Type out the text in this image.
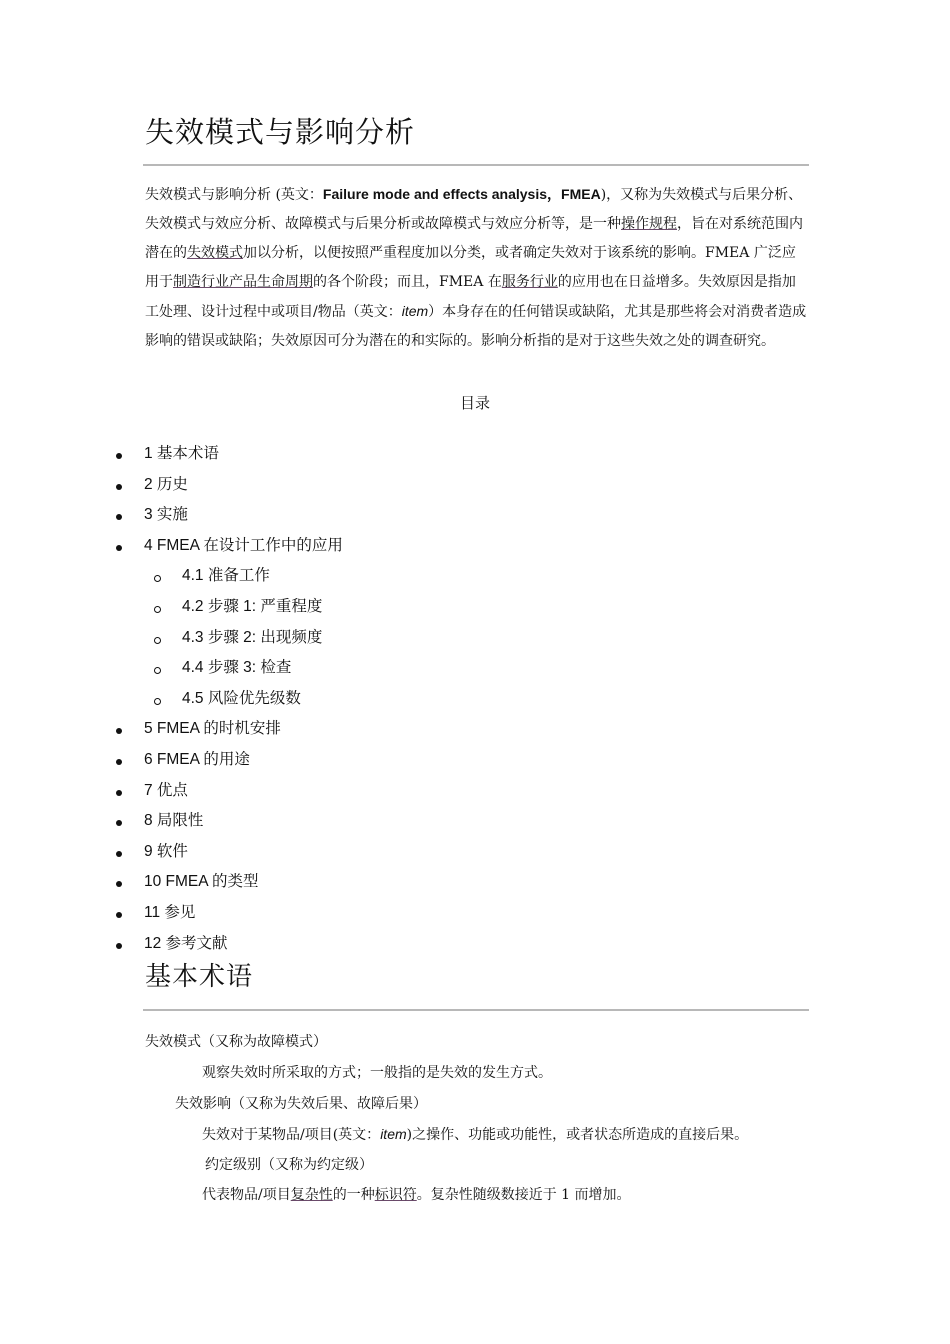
失效模式与影响分析
失效模式与影响分析 (英文：Failure mode and effects analysis，FMEA)，又称为失效模式与后果分析、失效模式与效应分析、故障模式与后果分析或故障模式与效应分析等，是一种操作规程，旨在对系统范围内潜在的失效模式加以分析，以便按照严重程度加以分类，或者确定失效对于该系统的影响。FMEA 广泛应用于制造行业产品生命周期的各个阶段；而且，FMEA 在服务行业的应用也在日益增多。失效原因是指加工处理、设计过程中或项目/物品（英文：item）本身存在的任何错误或缺陷，尤其是那些将会对消费者造成影响的错误或缺陷；失效原因可分为潜在的和实际的。影响分析指的是对于这些失效之处的调查研究。
目录
1 基本术语
2 历史
3 实施
4 FMEA 在设计工作中的应用
4.1 准备工作
4.2 步骤 1: 严重程度
4.3 步骤 2: 出现频度
4.4 步骤 3: 检查
4.5 风险优先级数
5 FMEA 的时机安排
6 FMEA 的用途
7 优点
8 局限性
9 软件
10 FMEA 的类型
11 参见
12 参考文献
基本术语
失效模式（又称为故障模式）
观察失效时所采取的方式；一般指的是失效的发生方式。
失效影响（又称为失效后果、故障后果）
失效对于某物品/项目(英文：item)之操作、功能或功能性，或者状态所造成的直接后果。
约定级别（又称为约定级）
代表物品/项目复杂性的一种标识符。复杂性随级数接近于 1 而增加。
